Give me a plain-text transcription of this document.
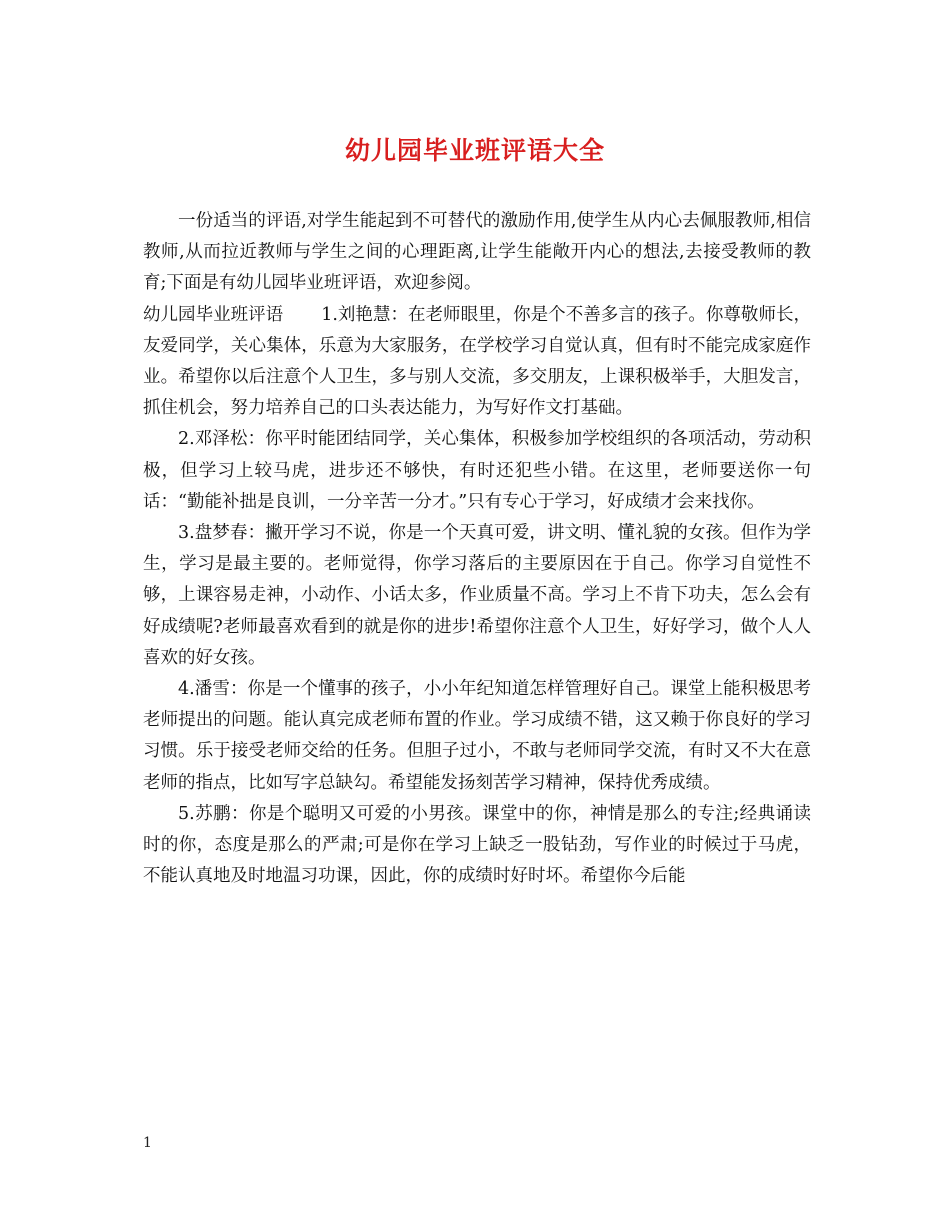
幼儿园毕业班评语大全

一份适当的评语,对学生能起到不可替代的激励作用,使学生从内心去佩服教师,相信教师,从而拉近教师与学生之间的心理距离,让学生能敞开内心的想法,去接受教师的教育;下面是有幼儿园毕业班评语，欢迎参阅。

幼儿园毕业班评语 1.刘艳慧：在老师眼里，你是个不善多言的孩子。你尊敬师长，友爱同学，关心集体，乐意为大家服务，在学校学习自觉认真，但有时不能完成家庭作业。希望你以后注意个人卫生，多与别人交流，多交朋友，上课积极举手，大胆发言，抓住机会，努力培养自己的口头表达能力，为写好作文打基础。

2.邓泽松：你平时能团结同学，关心集体，积极参加学校组织的各项活动，劳动积极，但学习上较马虎，进步还不够快，有时还犯些小错。在这里，老师要送你一句话：“勤能补拙是良训，一分辛苦一分才。”只有专心于学习，好成绩才会来找你。

3.盘梦春：撇开学习不说，你是一个天真可爱，讲文明、懂礼貌的女孩。但作为学生，学习是最主要的。老师觉得，你学习落后的主要原因在于自己。你学习自觉性不够，上课容易走神，小动作、小话太多，作业质量不高。学习上不肯下功夫，怎么会有好成绩呢?老师最喜欢看到的就是你的进步!希望你注意个人卫生，好好学习，做个人人喜欢的好女孩。

4.潘雪：你是一个懂事的孩子，小小年纪知道怎样管理好自己。课堂上能积极思考老师提出的问题。能认真完成老师布置的作业。学习成绩不错，这又赖于你良好的学习习惯。乐于接受老师交给的任务。但胆子过小，不敢与老师同学交流，有时又不大在意老师的指点，比如写字总缺勾。希望能发扬刻苦学习精神，保持优秀成绩。

5.苏鹏：你是个聪明又可爱的小男孩。课堂中的你，神情是那么的专注;经典诵读时的你，态度是那么的严肃;可是你在学习上缺乏一股钻劲，写作业的时候过于马虎，不能认真地及时地温习功课，因此，你的成绩时好时坏。希望你今后能

1
